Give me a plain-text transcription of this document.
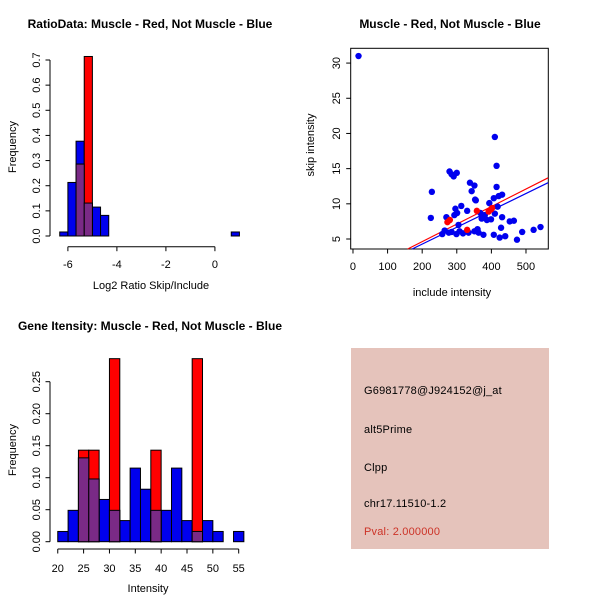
RatioData: Muscle - Red, Not Muscle - Blue
Log2 Ratio Skip/Include
Frequency
-6	-4	-2	0
0.0
0.1
0.2
0.3
0.4
0.5
0.6
0.7
Muscle - Red, Not Muscle - Blue
include intensity
skip intensity
0 100 200 300 400 500
5
10
15
20
25
30
Gene Itensity: Muscle - Red, Not Muscle - Blue
Intensity
Frequency
20 25 30 35 40 45 50 55
0.00
0.05
0.10
0.15
0.20
0.25	G6981778@J924152@j_at
alt5Prime
Clpp
chr17.11510-1.2
Pval: 2.000000
